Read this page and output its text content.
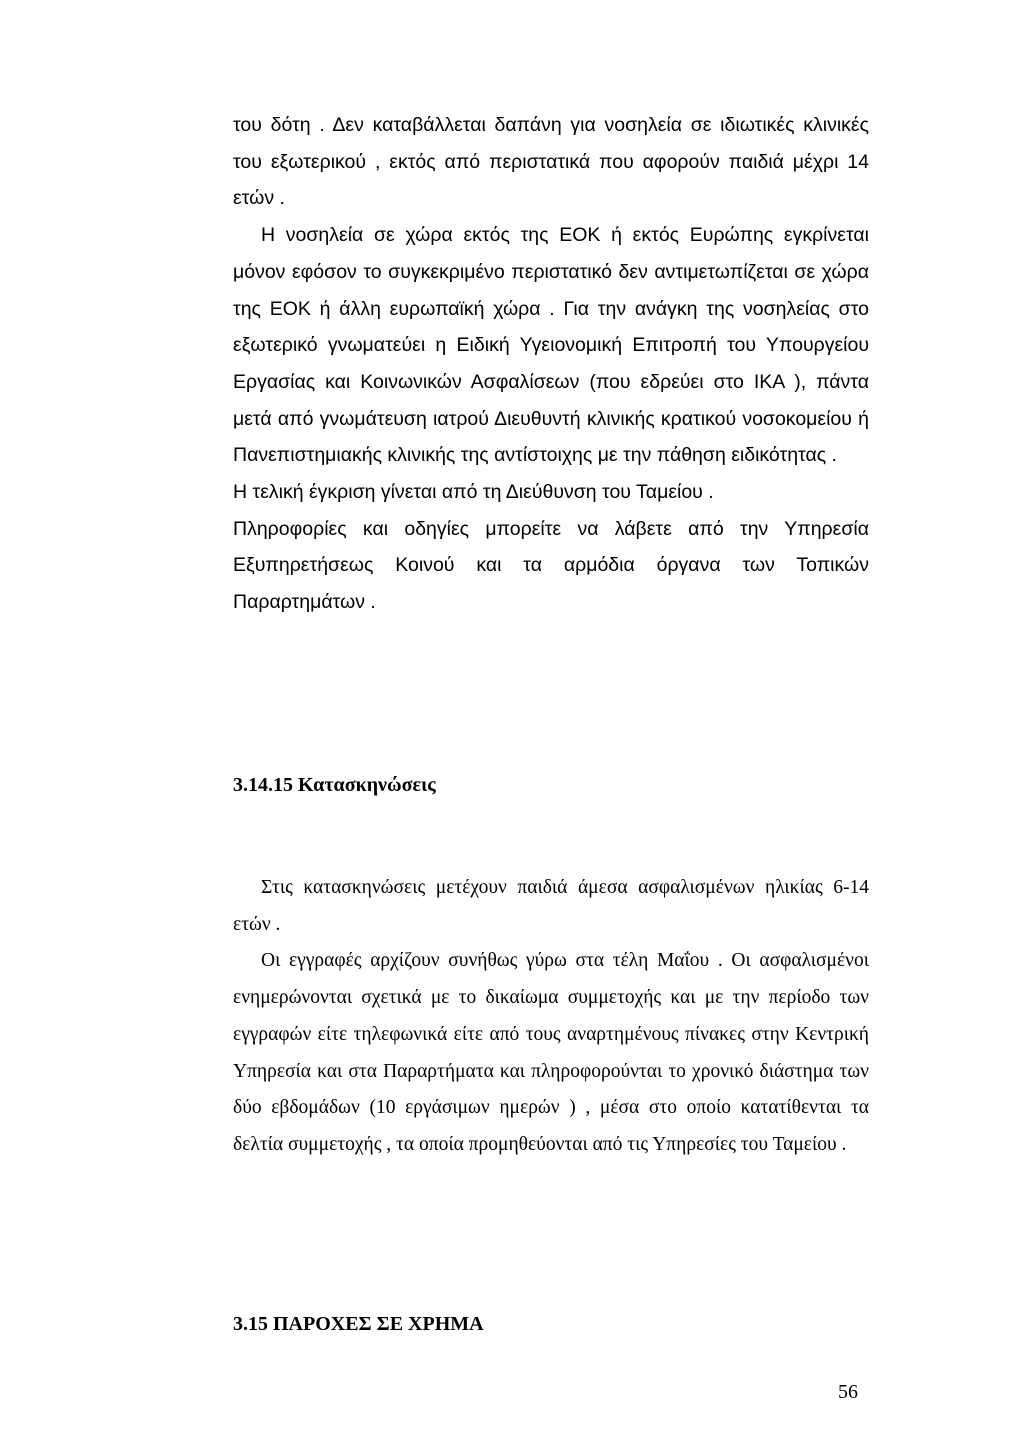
του δότη . Δεν καταβάλλεται δαπάνη για νοσηλεία σε ιδιωτικές κλινικές του εξωτερικού , εκτός από περιστατικά που αφορούν παιδιά μέχρι 14 ετών .

Η νοσηλεία σε χώρα εκτός της ΕΟΚ ή εκτός Ευρώπης εγκρίνεται μόνον εφόσον το συγκεκριμένο περιστατικό δεν αντιμετωπίζεται σε χώρα της ΕΟΚ ή άλλη ευρωπαϊκή χώρα . Για την ανάγκη της νοσηλείας στο εξωτερικό γνωματεύει η Ειδική Υγειονομική Επιτροπή του Υπουργείου Εργασίας και Κοινωνικών Ασφαλίσεων (που εδρεύει στο ΙΚΑ ), πάντα μετά από γνωμάτευση ιατρού Διευθυντή κλινικής κρατικού νοσοκομείου ή Πανεπιστημιακής κλινικής της αντίστοιχης με την πάθηση ειδικότητας .

Η τελική έγκριση γίνεται από τη Διεύθυνση του Ταμείου .

Πληροφορίες και οδηγίες μπορείτε να λάβετε από την Υπηρεσία Εξυπηρετήσεως Κοινού και τα αρμόδια όργανα των Τοπικών Παραρτημάτων .

3.14.15 Κατασκηνώσεις

Στις κατασκηνώσεις μετέχουν παιδιά άμεσα ασφαλισμένων ηλικίας 6-14 ετών .

Οι εγγραφές αρχίζουν συνήθως γύρω στα τέλη Μαΐου . Οι ασφαλισμένοι ενημερώνονται σχετικά με το δικαίωμα συμμετοχής και με την περίοδο των εγγραφών είτε τηλεφωνικά είτε από τους αναρτημένους πίνακες στην Κεντρική Υπηρεσία και στα Παραρτήματα και πληροφορούνται το χρονικό διάστημα των δύο εβδομάδων (10 εργάσιμων ημερών ) , μέσα στο οποίο κατατίθενται τα δελτία συμμετοχής , τα οποία προμηθεύονται από τις Υπηρεσίες του Ταμείου .

3.15 ΠΑΡΟΧΕΣ ΣΕ ΧΡΗΜΑ
56
